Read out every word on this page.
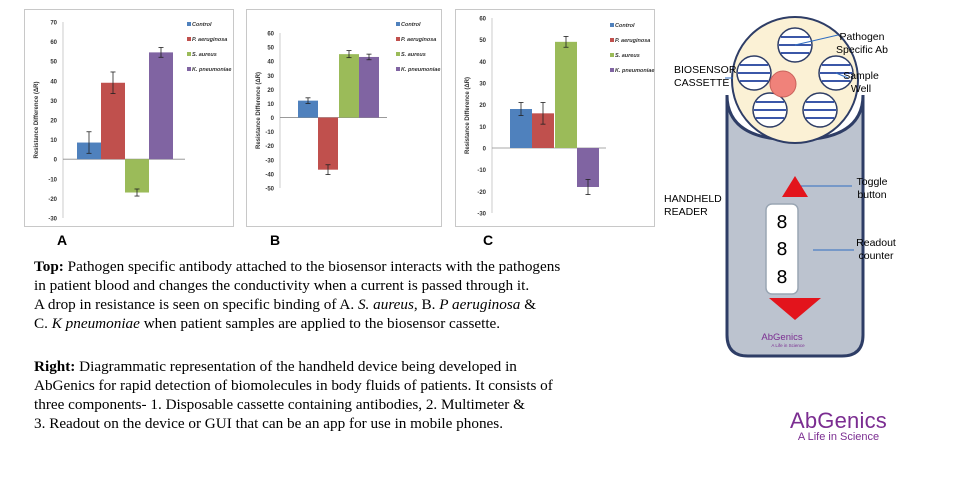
-30
-20
-10
0
10
20
30
40
50
60
70
Resistance Difference (ΔR)
Control
P. aeruginosa
S. aureus
K. pneumoniae
-50
-40
-30
-20
-10
0
10
20
30
40
50
60
Resistance Difference (ΔR)
Control
P. aeruginosa
S. aureus
K. pneumoniae
-30
-20
-10
0
10
20
30
40
50
60
Resistance Difference (ΔR)
Control
P. aeruginosa
S. aureus
K. pneumoniae
A	B	C
Top: Pathogen specific antibody attached to the biosensor interacts with the pathogens
in patient blood and changes the conductivity when a current is passed through it.
A drop in resistance is seen on specific binding of A. S. aureus, B. P aeruginosa &
C. K pneumoniae when patient samples are applied to the biosensor cassette.
Right: Diagrammatic representation of the handheld device being developed in
AbGenics for rapid detection of biomolecules in body fluids of patients. It consists of
three components- 1. Disposable cassette containing antibodies, 2. Multimeter &
3. Readout on the device or GUI that can be an app for use in mobile phones.
8
8
8
AbGenics
A Life in Science
Pathogen
Specific Ab
Sample
Well
BIOSENSOR
CASSETTE
HANDHELD
READER
Toggle
button
Readout
counter
AbGenics
A Life in Science
